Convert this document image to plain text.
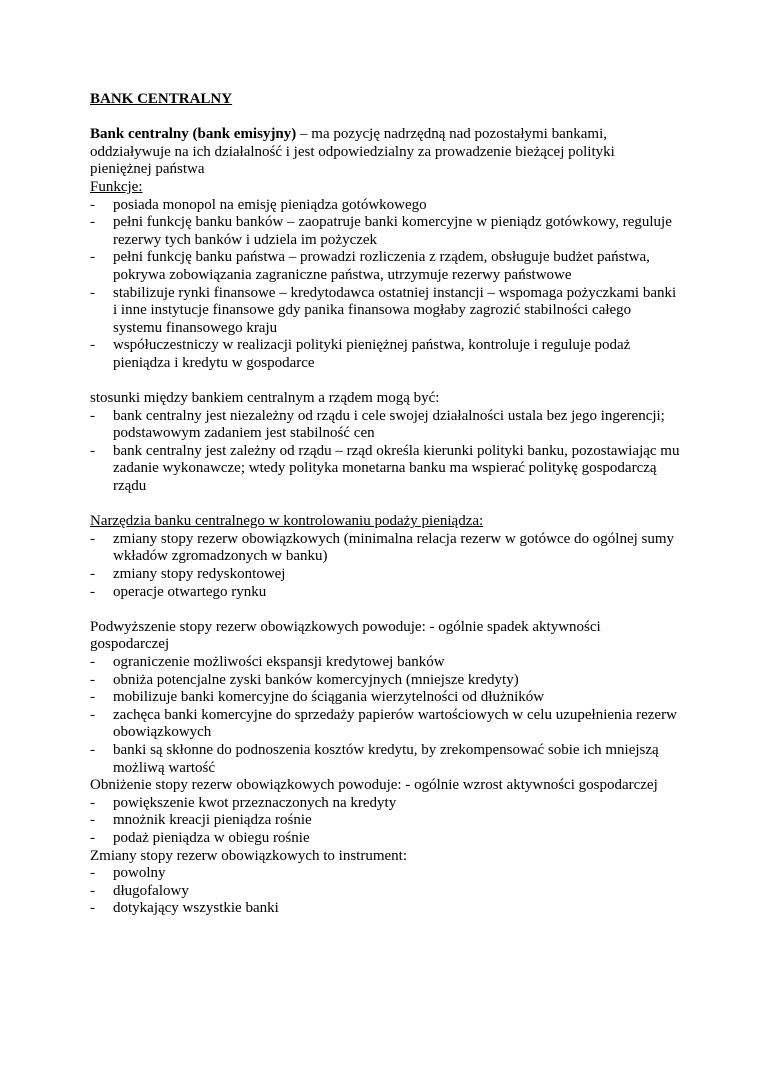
BANK CENTRALNY

Bank centralny (bank emisyjny) – ma pozycję nadrzędną nad pozostałymi bankami, oddziaływuje na ich działalność i jest odpowiedzialny za prowadzenie bieżącej polityki pieniężnej państwa

Funkcje:

- posiada monopol na emisję pieniądza gotówkowego
- pełni funkcję banku banków – zaopatruje banki komercyjne w pieniądz gotówkowy, reguluje rezerwy tych banków i udziela im pożyczek
- pełni funkcję banku państwa – prowadzi rozliczenia z rządem, obsługuje budżet państwa, pokrywa zobowiązania zagraniczne państwa, utrzymuje rezerwy państwowe
- stabilizuje rynki finansowe – kredytodawca ostatniej instancji – wspomaga pożyczkami banki i inne instytucje finansowe gdy panika finansowa mogłaby zagrozić stabilności całego systemu finansowego kraju
- współuczestniczy w realizacji polityki pieniężnej państwa, kontroluje i reguluje podaż pieniądza i kredytu w gospodarce

stosunki między bankiem centralnym a rządem mogą być:

- bank centralny jest niezależny od rządu i cele swojej działalności ustala bez jego ingerencji; podstawowym zadaniem jest stabilność cen
- bank centralny jest zależny od rządu – rząd określa kierunki polityki banku, pozostawiając mu zadanie wykonawcze; wtedy polityka monetarna banku ma wspierać politykę gospodarczą rządu

Narzędzia banku centralnego w kontrolowaniu podaży pieniądza:

- zmiany stopy rezerw obowiązkowych (minimalna relacja rezerw w gotówce do ogólnej sumy wkładów zgromadzonych w banku)
- zmiany stopy redyskontowej
- operacje otwartego rynku

Podwyższenie stopy rezerw obowiązkowych powoduje: - ogólnie spadek aktywności gospodarczej

- ograniczenie możliwości ekspansji kredytowej banków
- obniża potencjalne zyski banków komercyjnych (mniejsze kredyty)
- mobilizuje banki komercyjne do ściągania wierzytelności od dłużników
- zachęca banki komercyjne do sprzedaży papierów wartościowych w celu uzupełnienia rezerw obowiązkowych
- banki są skłonne do podnoszenia kosztów kredytu, by zrekompensować sobie ich mniejszą możliwą wartość

Obniżenie stopy rezerw obowiązkowych powoduje: - ogólnie wzrost aktywności gospodarczej

- powiększenie kwot przeznaczonych na kredyty
- mnożnik kreacji pieniądza rośnie
- podaż pieniądza w obiegu rośnie

Zmiany stopy rezerw obowiązkowych to instrument:

- powolny
- długofalowy
- dotykający wszystkie banki
